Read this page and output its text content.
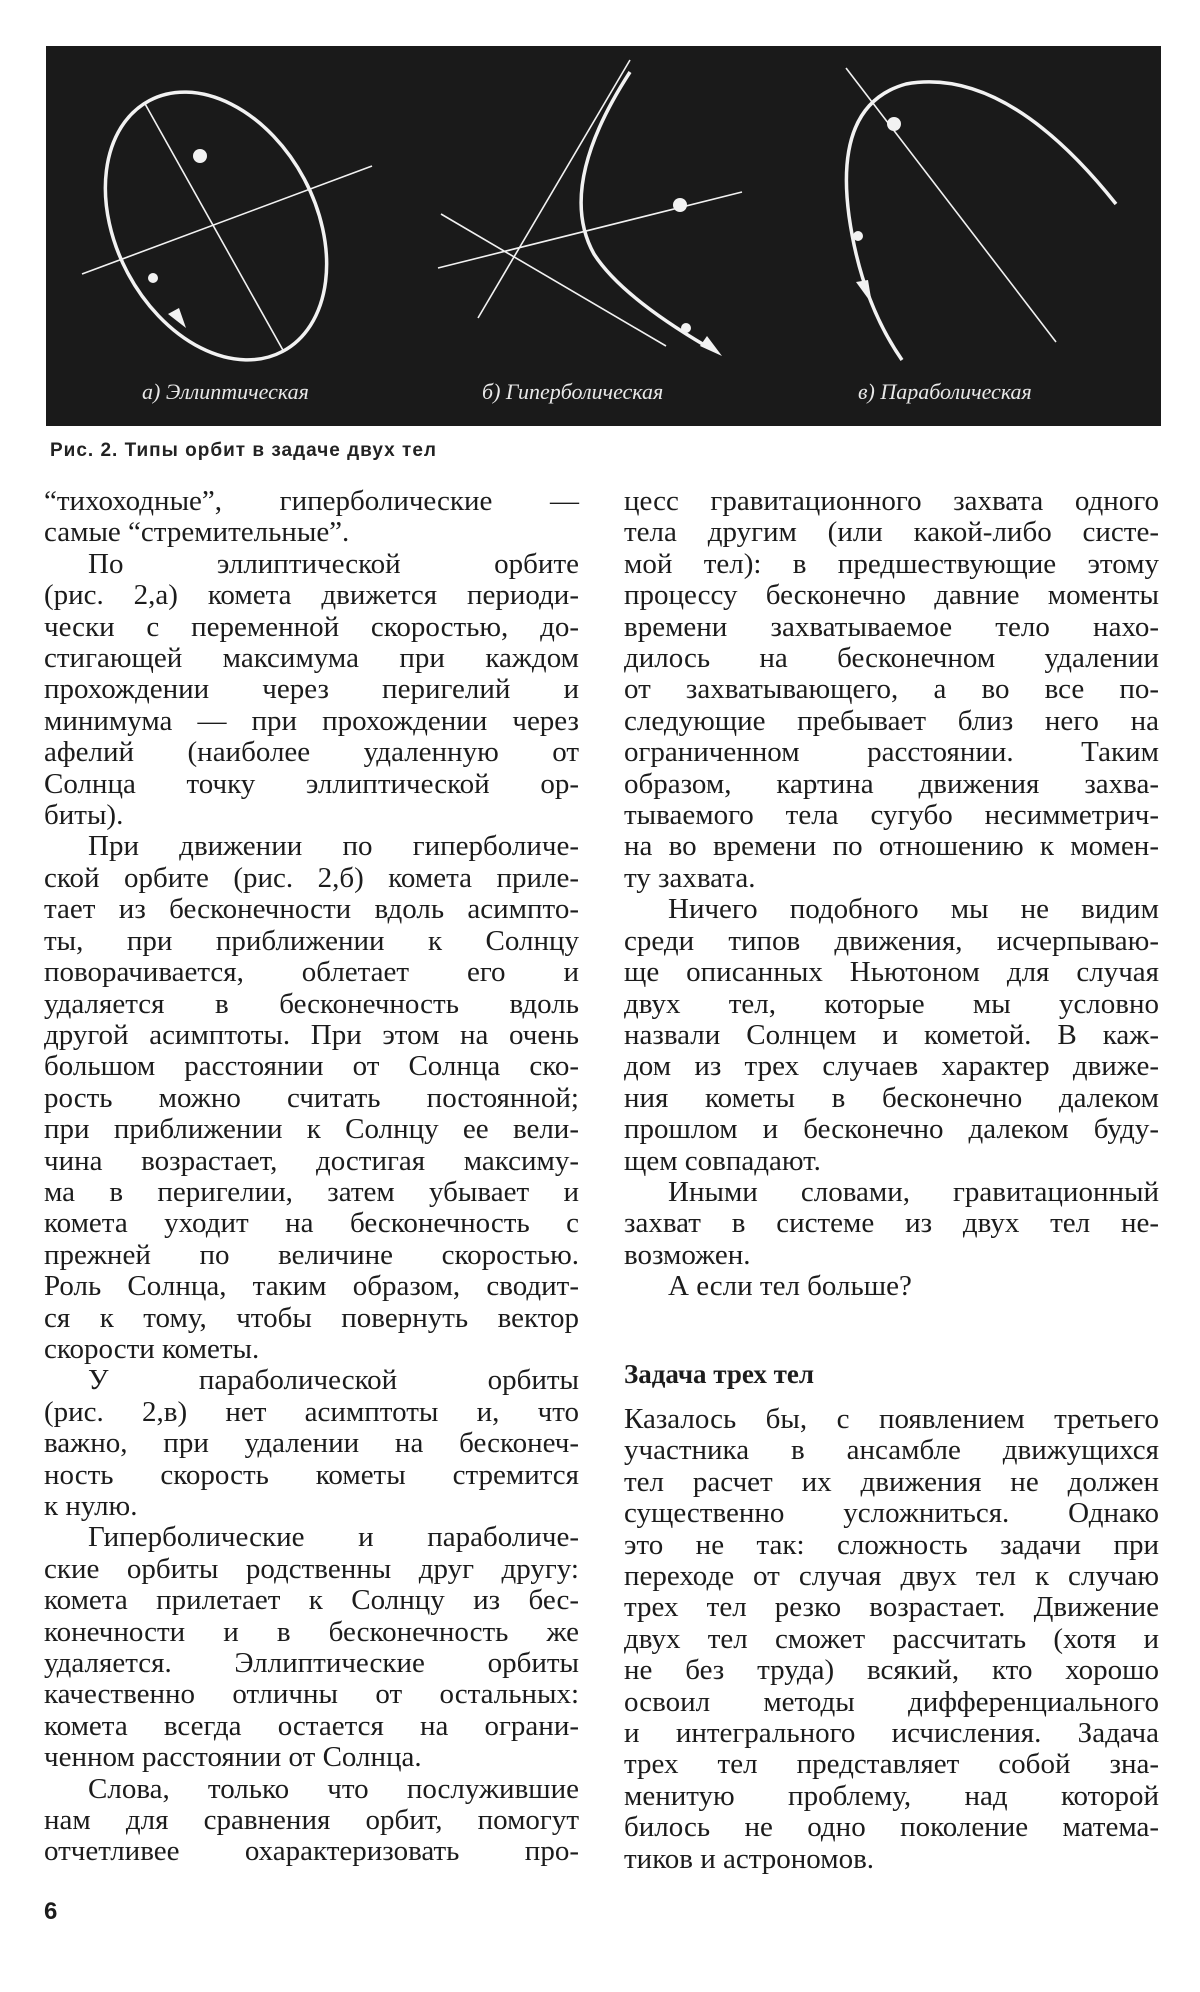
а) Эллиптическая	б) Гиперболическая	в) Параболическая
Рис. 2. Типы орбит в задаче двух тел
“тихоходные”, гиперболические —
самые “стремительные”.
По эллиптической орбите
(рис. 2,а) комета движется периоди-
чески с переменной скоростью, до-
стигающей максимума при каждом
прохождении через перигелий и
минимума — при прохождении через
афелий (наиболее удаленную от
Солнца точку эллиптической ор-
биты).
При движении по гиперболиче-
ской орбите (рис. 2,б) комета приле-
тает из бесконечности вдоль асимпто-
ты, при приближении к Солнцу
поворачивается, облетает его и
удаляется в бесконечность вдоль
другой асимптоты. При этом на очень
большом расстоянии от Солнца ско-
рость можно считать постоянной;
при приближении к Солнцу ее вели-
чина возрастает, достигая максиму-
ма в перигелии, затем убывает и
комета уходит на бесконечность с
прежней по величине скоростью.
Роль Солнца, таким образом, сводит-
ся к тому, чтобы повернуть вектор
скорости кометы.
У параболической орбиты
(рис. 2,в) нет асимптоты и, что
важно, при удалении на бесконеч-
ность скорость кометы стремится
к нулю.
Гиперболические и параболиче-
ские орбиты родственны друг другу:
комета прилетает к Солнцу из бес-
конечности и в бесконечность же
удаляется. Эллиптические орбиты
качественно отличны от остальных:
комета всегда остается на ограни-
ченном расстоянии от Солнца.
Слова, только что послужившие
нам для сравнения орбит, помогут
отчетливее охарактеризовать про-
цесс гравитационного захвата одного
тела другим (или какой-либо систе-
мой тел): в предшествующие этому
процессу бесконечно давние моменты
времени захватываемое тело нахо-
дилось на бесконечном удалении
от захватывающего, а во все по-
следующие пребывает близ него на
ограниченном расстоянии. Таким
образом, картина движения захва-
тываемого тела сугубо несимметрич-
на во времени по отношению к момен-
ту захвата.
Ничего подобного мы не видим
среди типов движения, исчерпываю-
ще описанных Ньютоном для случая
двух тел, которые мы условно
назвали Солнцем и кометой. В каж-
дом из трех случаев характер движе-
ния кометы в бесконечно далеком
прошлом и бесконечно далеком буду-
щем совпадают.
Иными словами, гравитационный
захват в системе из двух тел не-
возможен.
А если тел больше?
Задача трех тел
Казалось бы, с появлением третьего
участника в ансамбле движущихся
тел расчет их движения не должен
существенно усложниться. Однако
это не так: сложность задачи при
переходе от случая двух тел к случаю
трех тел резко возрастает. Движение
двух тел сможет рассчитать (хотя и
не без труда) всякий, кто хорошо
освоил методы дифференциального
и интегрального исчисления. Задача
трех тел представляет собой зна-
менитую проблему, над которой
билось не одно поколение матема-
тиков и астрономов.
6
